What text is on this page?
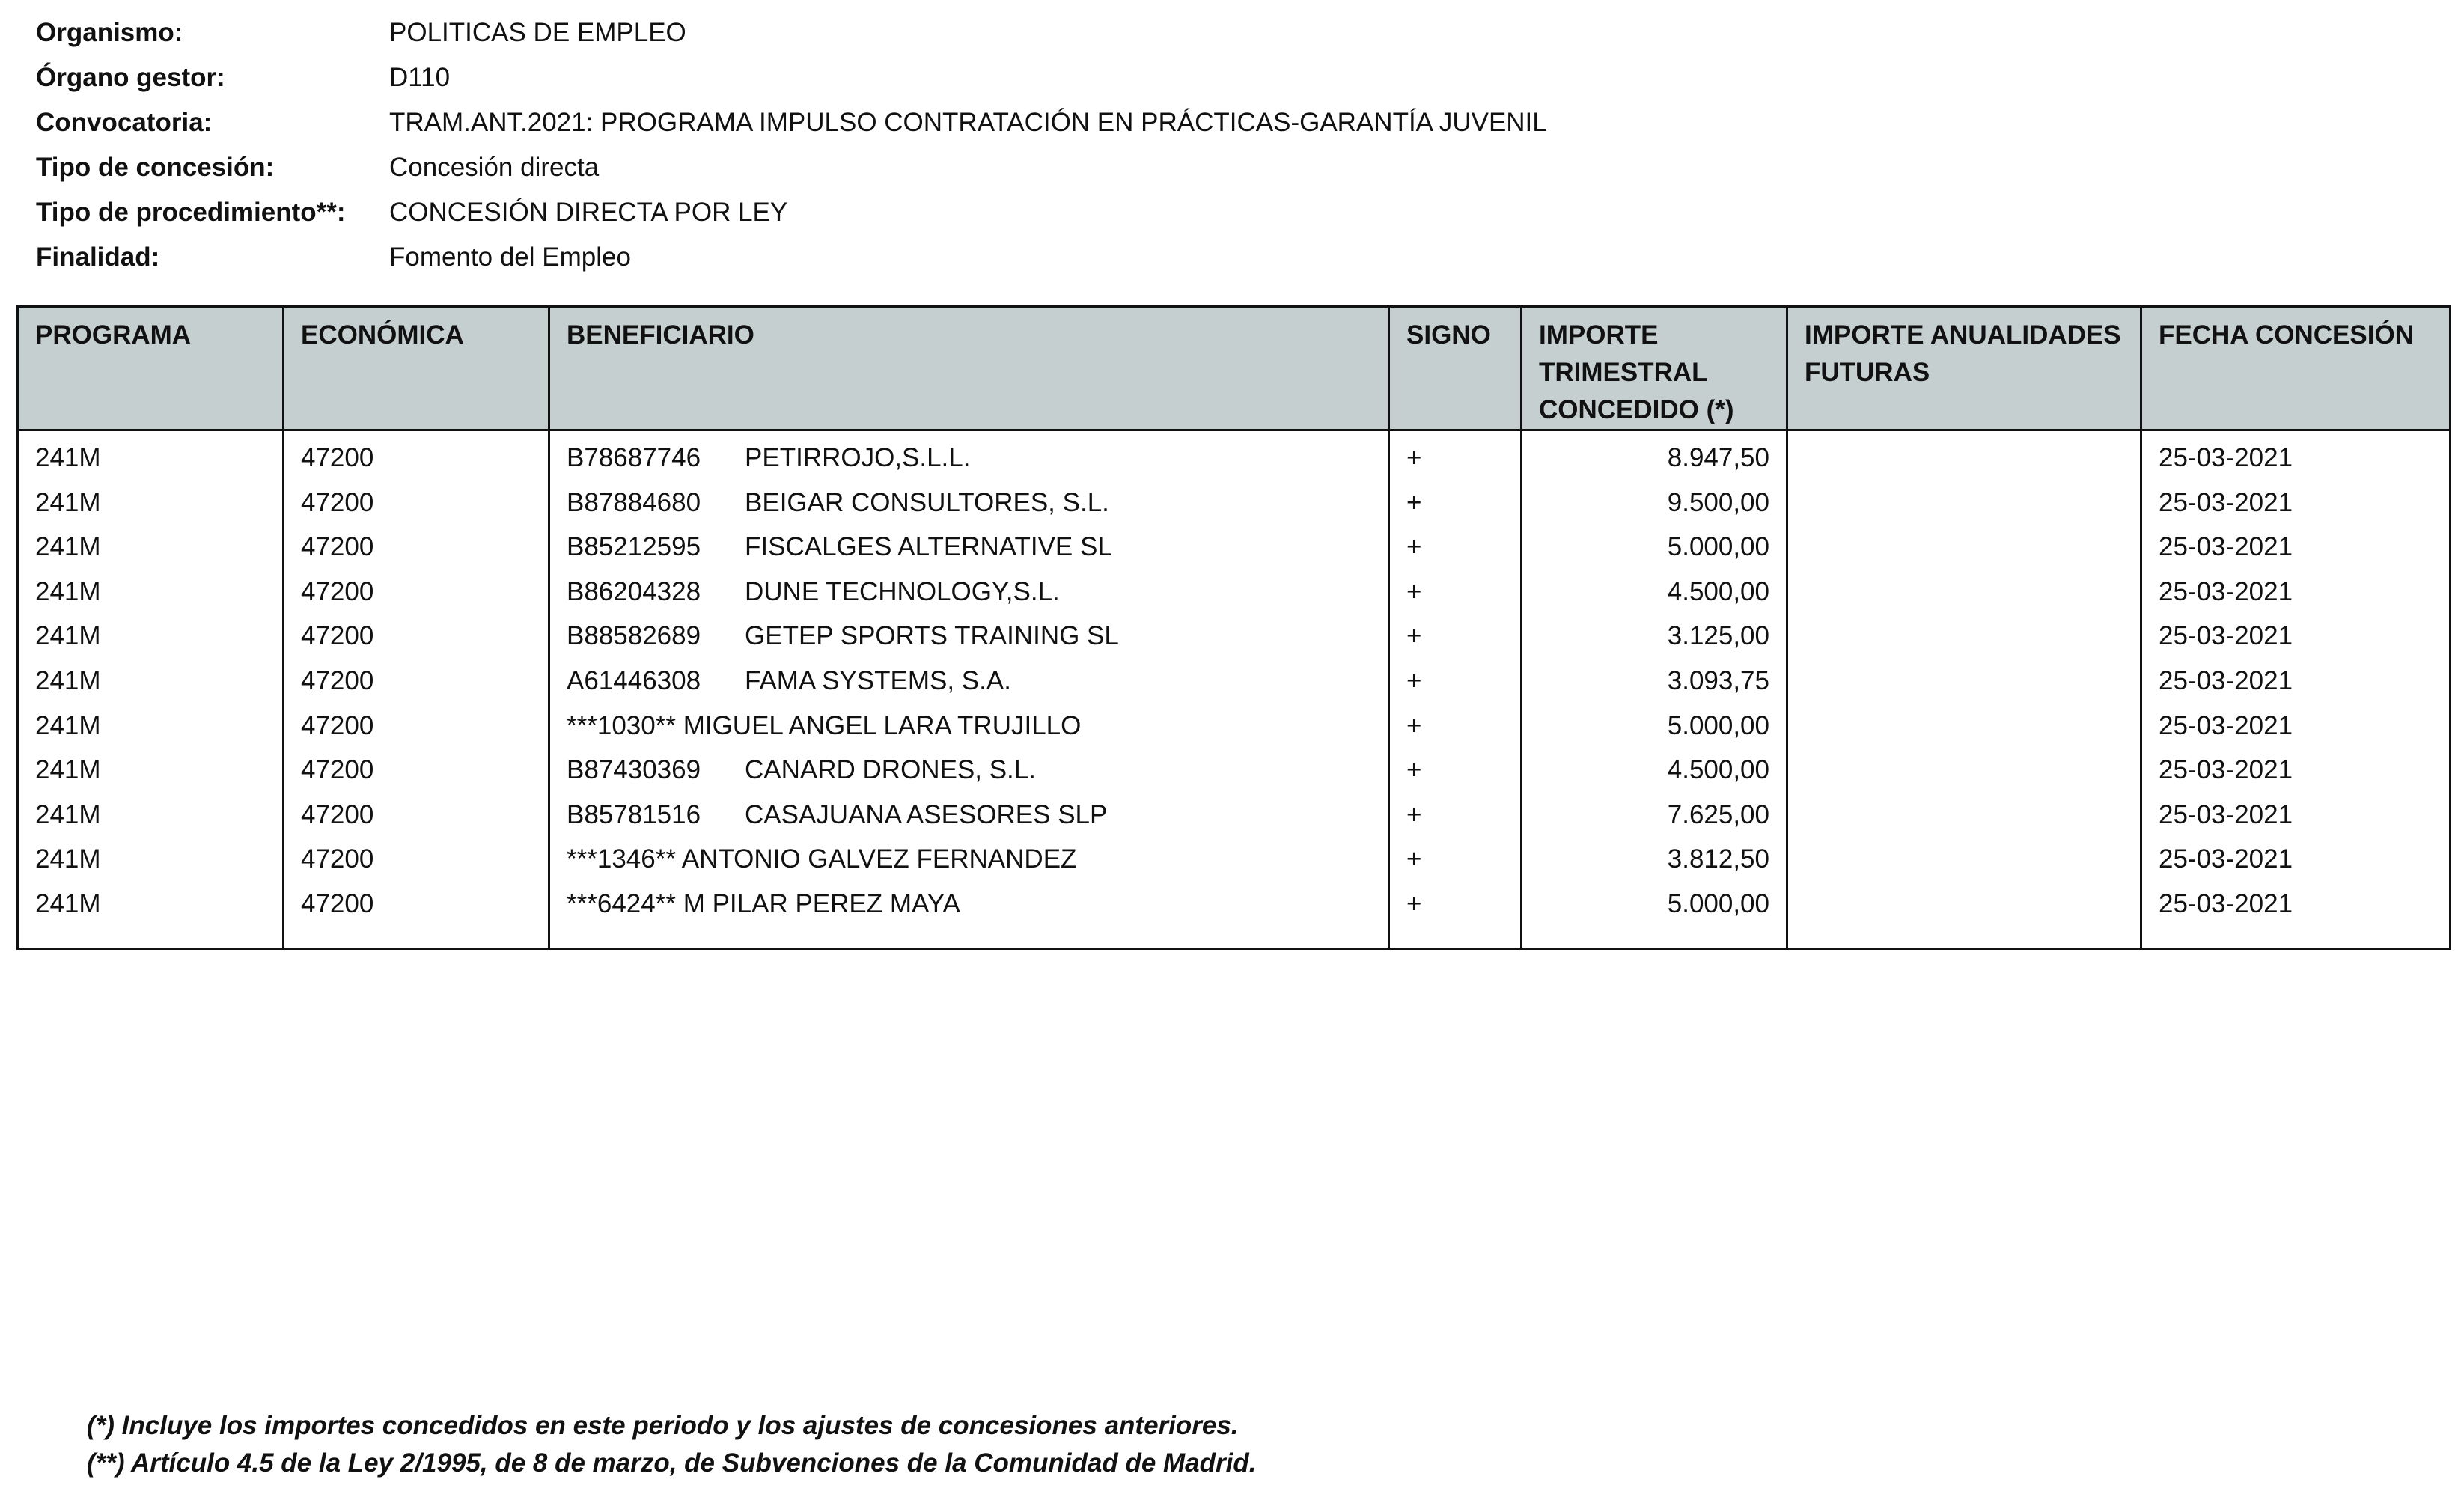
Organismo:	POLITICAS DE EMPLEO
Órgano gestor:	D110
Convocatoria:	TRAM.ANT.2021: PROGRAMA IMPULSO CONTRATACIÓN EN PRÁCTICAS-GARANTÍA JUVENIL
Tipo de concesión:	Concesión directa
Tipo de procedimiento**:	CONCESIÓN DIRECTA POR LEY
Finalidad:	Fomento del Empleo
PROGRAMA	ECONÓMICA	BENEFICIARIO	SIGNO	IMPORTE TRIMESTRAL CONCEDIDO (*)	IMPORTE ANUALIDADES FUTURAS	FECHA CONCESIÓN
241M	47200	B78687746 PETIRROJO,S.L.L.	+	8.947,50		25-03-2021
241M	47200	B87884680 BEIGAR CONSULTORES, S.L.	+	9.500,00		25-03-2021
241M	47200	B85212595 FISCALGES ALTERNATIVE SL	+	5.000,00		25-03-2021
241M	47200	B86204328 DUNE TECHNOLOGY,S.L.	+	4.500,00		25-03-2021
241M	47200	B88582689 GETEP SPORTS TRAINING SL	+	3.125,00		25-03-2021
241M	47200	A61446308 FAMA SYSTEMS, S.A.	+	3.093,75		25-03-2021
241M	47200	***1030** MIGUEL ANGEL LARA TRUJILLO	+	5.000,00		25-03-2021
241M	47200	B87430369 CANARD DRONES, S.L.	+	4.500,00		25-03-2021
241M	47200	B85781516 CASAJUANA ASESORES SLP	+	7.625,00		25-03-2021
241M	47200	***1346** ANTONIO GALVEZ FERNANDEZ	+	3.812,50		25-03-2021
241M	47200	***6424** M PILAR PEREZ MAYA	+	5.000,00		25-03-2021

(*) Incluye los importes concedidos en este periodo y los ajustes de concesiones anteriores.
(**) Artículo 4.5 de la Ley 2/1995, de 8 de marzo, de Subvenciones de la Comunidad de Madrid.
